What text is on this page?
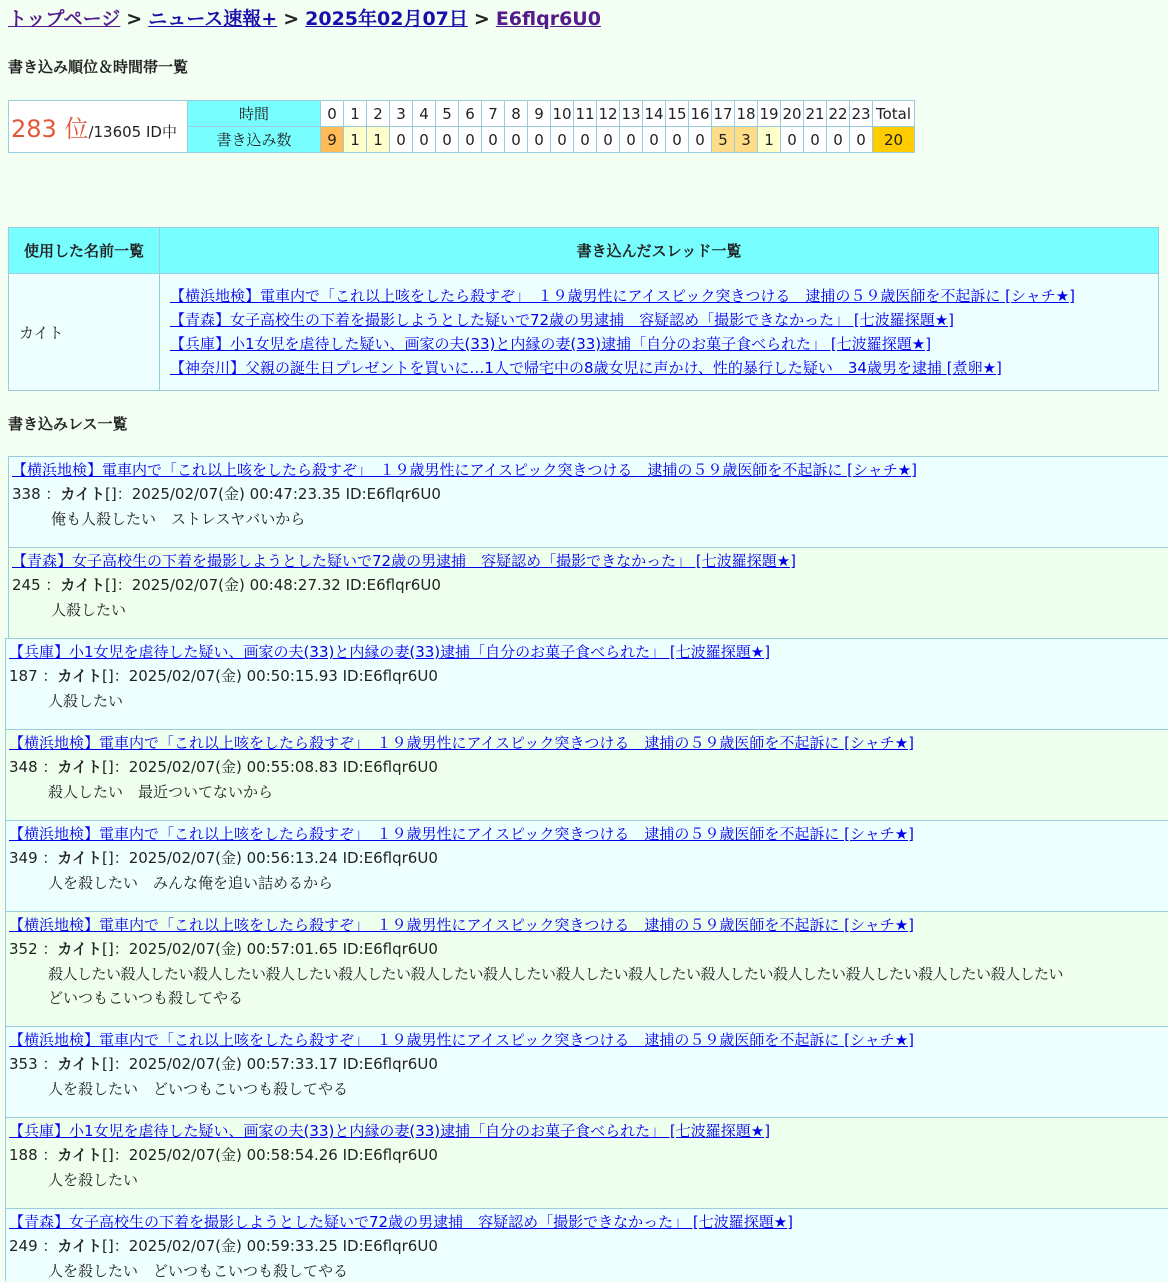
トップページ > ニュース速報+ > 2025年02月07日 > E6flqr6U0
書き込み順位＆時間帯一覧
283 位/13605 ID中	時間	0	1	2	3	4	5	6	7	8	9	10	11	12	13	14	15	16	17	18	19	20	21	22	23	Total
	書き込み数	9	1	1	0	0	0	0	0	0	0	0	0	0	0	0	0	0	5	3	1	0	0	0	0	20
使用した名前一覧	書き込んだスレッド一覧
カイト	【横浜地検】電車内で「これ以上咳をしたら殺すぞ」　１９歳男性にアイスピック突きつける　逮捕の５９歳医師を不起訴に [シャチ★]
【青森】女子高校生の下着を撮影しようとした疑いで72歳の男逮捕　容疑認め「撮影できなかった」 [七波羅探題★]
【兵庫】小1女児を虐待した疑い、画家の夫(33)と内縁の妻(33)逮捕「自分のお菓子食べられた」 [七波羅探題★]
【神奈川】父親の誕生日プレゼントを買いに…1人で帰宅中の8歳女児に声かけ、性的暴行した疑い　34歳男を逮捕 [煮卵★]
書き込みレス一覧
【横浜地検】電車内で「これ以上咳をしたら殺すぞ」　１９歳男性にアイスピック突きつける　逮捕の５９歳医師を不起訴に [シャチ★]
338 ：カイト[]：2025/02/07(金) 00:47:23.35 ID:E6flqr6U0
俺も人殺したい　ストレスヤバいから
【青森】女子高校生の下着を撮影しようとした疑いで72歳の男逮捕　容疑認め「撮影できなかった」 [七波羅探題★]
245 ：カイト[]：2025/02/07(金) 00:48:27.32 ID:E6flqr6U0
人殺したい
【兵庫】小1女児を虐待した疑い、画家の夫(33)と内縁の妻(33)逮捕「自分のお菓子食べられた」 [七波羅探題★]
187 ：カイト[]：2025/02/07(金) 00:50:15.93 ID:E6flqr6U0
人殺したい
【横浜地検】電車内で「これ以上咳をしたら殺すぞ」　１９歳男性にアイスピック突きつける　逮捕の５９歳医師を不起訴に [シャチ★]
348 ：カイト[]：2025/02/07(金) 00:55:08.83 ID:E6flqr6U0
殺人したい　最近ついてないから
【横浜地検】電車内で「これ以上咳をしたら殺すぞ」　１９歳男性にアイスピック突きつける　逮捕の５９歳医師を不起訴に [シャチ★]
349 ：カイト[]：2025/02/07(金) 00:56:13.24 ID:E6flqr6U0
人を殺したい　みんな俺を追い詰めるから
【横浜地検】電車内で「これ以上咳をしたら殺すぞ」　１９歳男性にアイスピック突きつける　逮捕の５９歳医師を不起訴に [シャチ★]
352 ：カイト[]：2025/02/07(金) 00:57:01.65 ID:E6flqr6U0
殺人したい殺人したい殺人したい殺人したい殺人したい殺人したい殺人したい殺人したい殺人したい殺人したい殺人したい殺人したい殺人したい殺人したい
どいつもこいつも殺してやる
【横浜地検】電車内で「これ以上咳をしたら殺すぞ」　１９歳男性にアイスピック突きつける　逮捕の５９歳医師を不起訴に [シャチ★]
353 ：カイト[]：2025/02/07(金) 00:57:33.17 ID:E6flqr6U0
人を殺したい　どいつもこいつも殺してやる
【兵庫】小1女児を虐待した疑い、画家の夫(33)と内縁の妻(33)逮捕「自分のお菓子食べられた」 [七波羅探題★]
188 ：カイト[]：2025/02/07(金) 00:58:54.26 ID:E6flqr6U0
人を殺したい
【青森】女子高校生の下着を撮影しようとした疑いで72歳の男逮捕　容疑認め「撮影できなかった」 [七波羅探題★]
249 ：カイト[]：2025/02/07(金) 00:59:33.25 ID:E6flqr6U0
人を殺したい　どいつもこいつも殺してやる
